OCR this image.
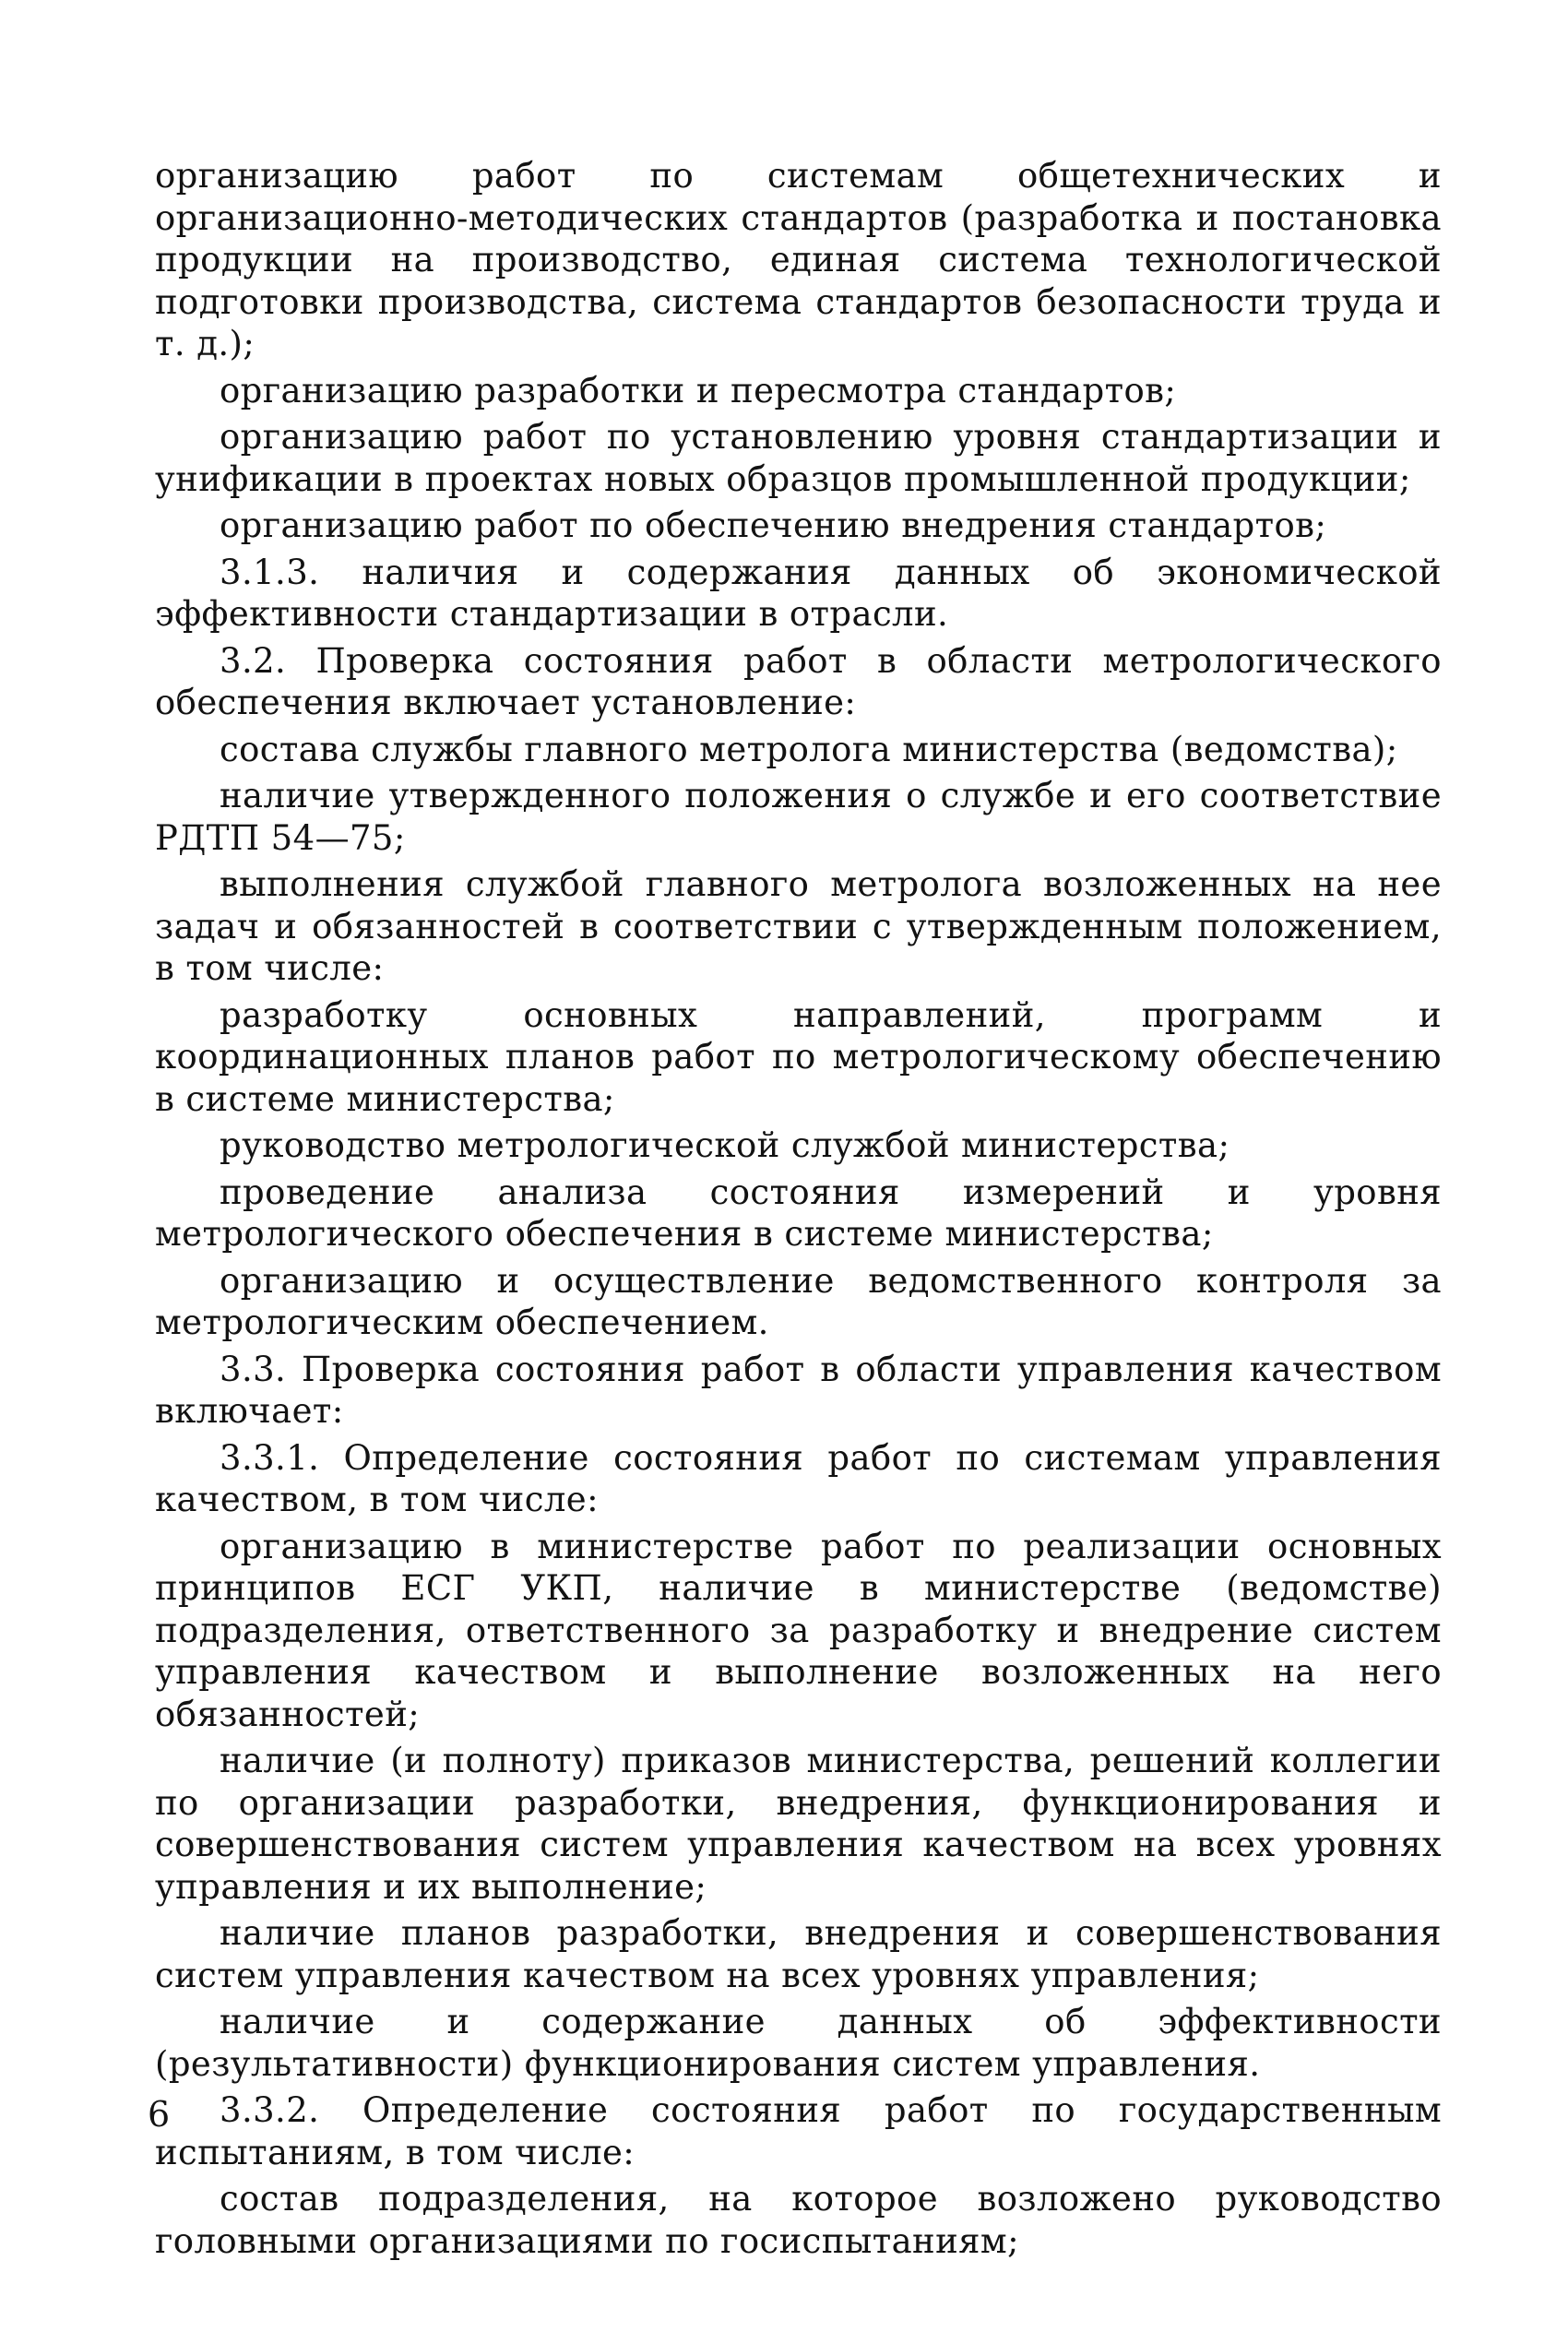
организацию работ по системам общетехнических и организационно-методических стандартов (разработка и постановка продукции на производство, единая система технологической подготовки производства, система стандартов безопасности труда и т. д.);

организацию разработки и пересмотра стандартов;

организацию работ по установлению уровня стандартизации и унификации в проектах новых образцов промышленной продукции;

организацию работ по обеспечению внедрения стандартов;

3.1.3. наличия и содержания данных об экономической эффективности стандартизации в отрасли.

3.2. Проверка состояния работ в области метрологического обеспечения включает установление:

состава службы главного метролога министерства (ведомства);

наличие утвержденного положения о службе и его соответствие РДТП 54—75;

выполнения службой главного метролога возложенных на нее задач и обязанностей в соответствии с утвержденным положением, в том числе:

разработку основных направлений, программ и координационных планов работ по метрологическому обеспечению в системе министерства;

руководство метрологической службой министерства;

проведение анализа состояния измерений и уровня метрологического обеспечения в системе министерства;

организацию и осуществление ведомственного контроля за метрологическим обеспечением.

3.3. Проверка состояния работ в области управления качеством включает:

3.3.1. Определение состояния работ по системам управления качеством, в том числе:

организацию в министерстве работ по реализации основных принципов ЕСГ УКП, наличие в министерстве (ведомстве) подразделения, ответственного за разработку и внедрение систем управления качеством и выполнение возложенных на него обязанностей;

наличие (и полноту) приказов министерства, решений коллегии по организации разработки, внедрения, функционирования и совершенствования систем управления качеством на всех уровнях управления и их выполнение;

наличие планов разработки, внедрения и совершенствования систем управления качеством на всех уровнях управления;

наличие и содержание данных об эффективности (результативности) функционирования систем управления.

3.3.2. Определение состояния работ по государственным испытаниям, в том числе:

состав подразделения, на которое возложено руководство головными организациями по госиспытаниям;

6
